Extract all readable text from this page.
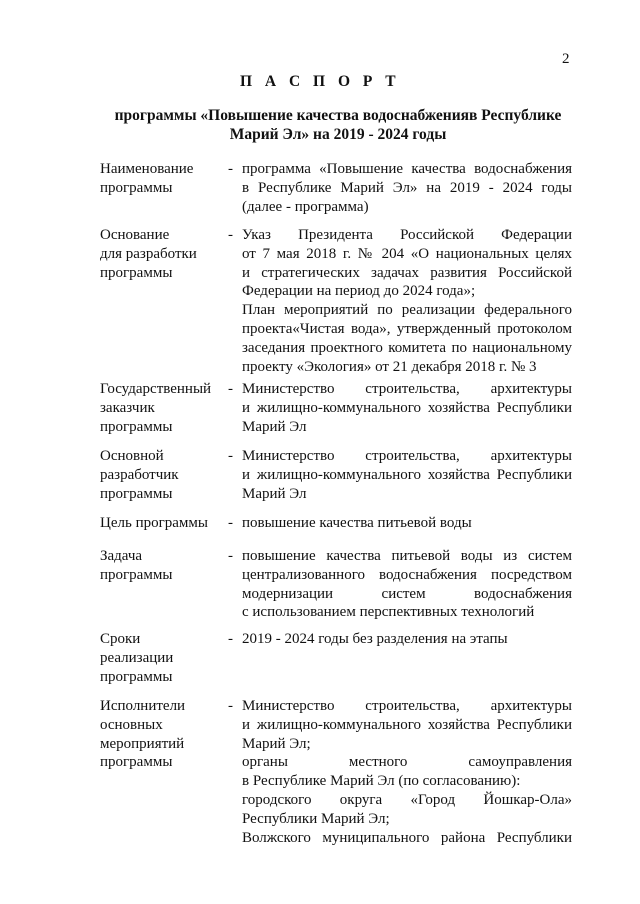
2
П А С П О Р Т
программы «Повышение качества водоснабженияв Республике
Марий Эл» на 2019 - 2024 годы
Наименование
программы
- программа «Повышение качества водоснабжения
в Республике Марий Эл» на 2019 - 2024 годы
(далее - программа)
Основание
для разработки
программы
- Указ Президента Российской Федерации
от 7 мая 2018 г. № 204 «О национальных целях
и стратегических задачах развития Российской
Федерации на период до 2024 года»;
План мероприятий по реализации федерального
проекта«Чистая вода», утвержденный протоколом
заседания проектного комитета по национальному
проекту «Экология» от 21 декабря 2018 г. № 3
Государственный
заказчик
программы
- Министерство строительства, архитектуры
и жилищно-коммунального хозяйства Республики
Марий Эл
Основной
разработчик
программы
- Министерство строительства, архитектуры
и жилищно-коммунального хозяйства Республики
Марий Эл
Цель программы	- повышение качества питьевой воды
Задача
программы
- повышение качества питьевой воды из систем
централизованного водоснабжения посредством
модернизации систем водоснабжения
с использованием перспективных технологий
Сроки
реализации
программы
- 2019 - 2024 годы без разделения на этапы
Исполнители
основных
мероприятий
программы
- Министерство строительства, архитектуры
и жилищно-коммунального хозяйства Республики
Марий Эл;
органы местного самоуправления
в Республике Марий Эл (по согласованию):
городского округа «Город Йошкар-Ола»
Республики Марий Эл;
Волжского муниципального района Республики
